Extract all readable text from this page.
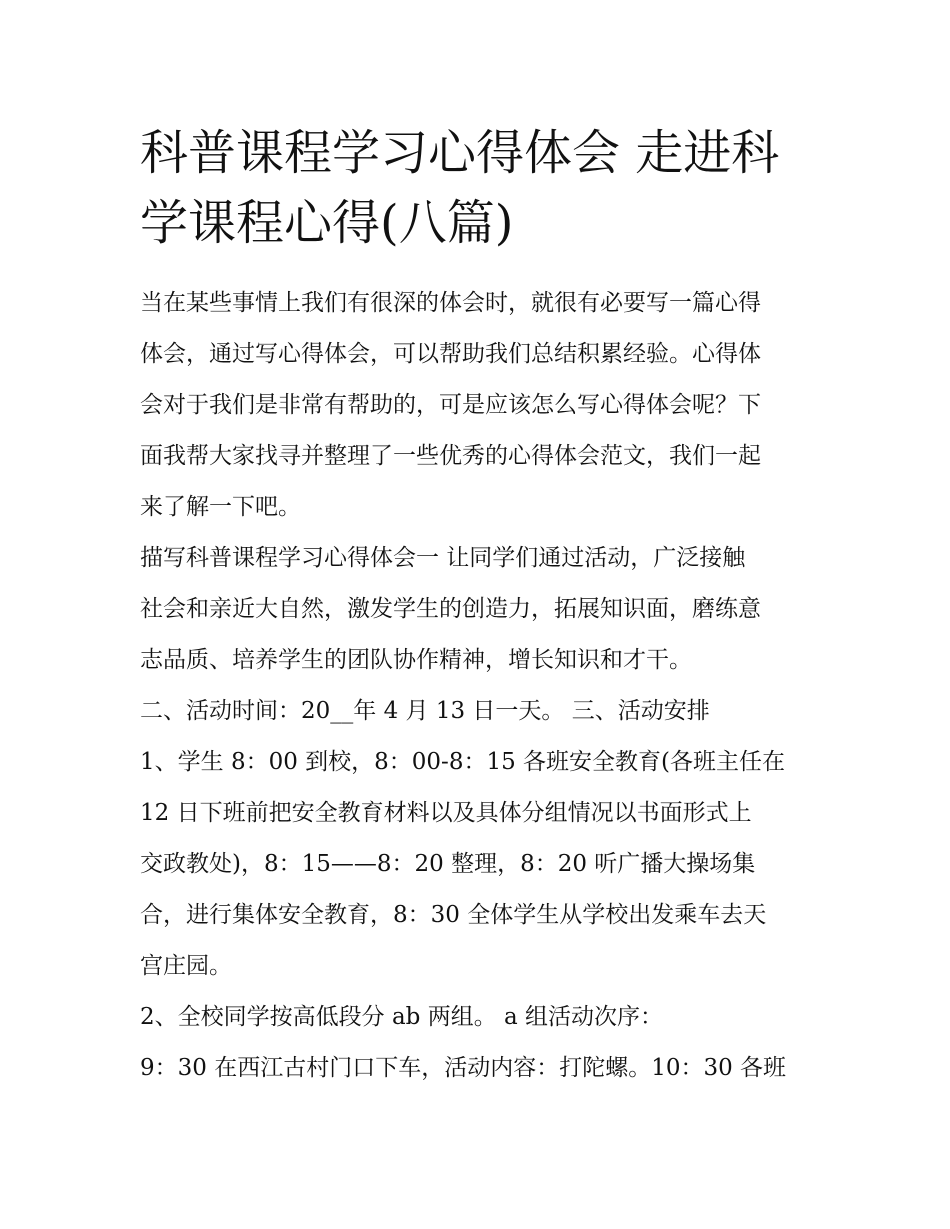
科普课程学习心得体会 走进科
学课程心得(八篇)
当在某些事情上我们有很深的体会时，就很有必要写一篇心得
体会，通过写心得体会，可以帮助我们总结积累经验。心得体
会对于我们是非常有帮助的，可是应该怎么写心得体会呢？下
面我帮大家找寻并整理了一些优秀的心得体会范文，我们一起
来了解一下吧。
描写科普课程学习心得体会一 让同学们通过活动，广泛接触
社会和亲近大自然，激发学生的创造力，拓展知识面，磨练意
志品质、培养学生的团队协作精神，增长知识和才干。
二、活动时间：20__年 4 月 13 日一天。 三、活动安排
1、学生 8：00 到校，8：00-8：15 各班安全教育(各班主任在
12 日下班前把安全教育材料以及具体分组情况以书面形式上
交政教处)，8：15——8：20 整理，8：20 听广播大操场集
合，进行集体安全教育，8：30 全体学生从学校出发乘车去天
宫庄园。
2、全校同学按高低段分 ab 两组。 a 组活动次序：
9：30 在西江古村门口下车，活动内容：打陀螺。10：30 各班
